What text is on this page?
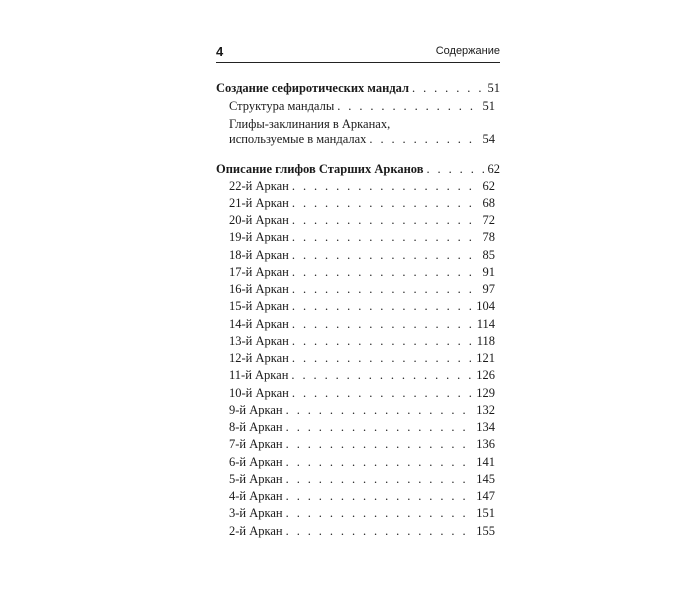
4	Содержание
Создание сефиротических мандал . . .	51
Структура мандалы . . .	51
Глифы-заклинания в Арканах,
используемые в мандалах . . .	54
Описание глифов Старших Арканов . . .	62
22-й Аркан . . .	62
21-й Аркан . . .	68
20-й Аркан . . .	72
19-й Аркан . . .	78
18-й Аркан . . .	85
17-й Аркан . . .	91
16-й Аркан . . .	97
15-й Аркан . . .	104
14-й Аркан . . .	114
13-й Аркан . . .	118
12-й Аркан . . .	121
11-й Аркан . . .	126
10-й Аркан . . .	129
9-й Аркан . . .	132
8-й Аркан . . .	134
7-й Аркан . . .	136
6-й Аркан . . .	141
5-й Аркан . . .	145
4-й Аркан . . .	147
3-й Аркан . . .	151
2-й Аркан . . .	155
